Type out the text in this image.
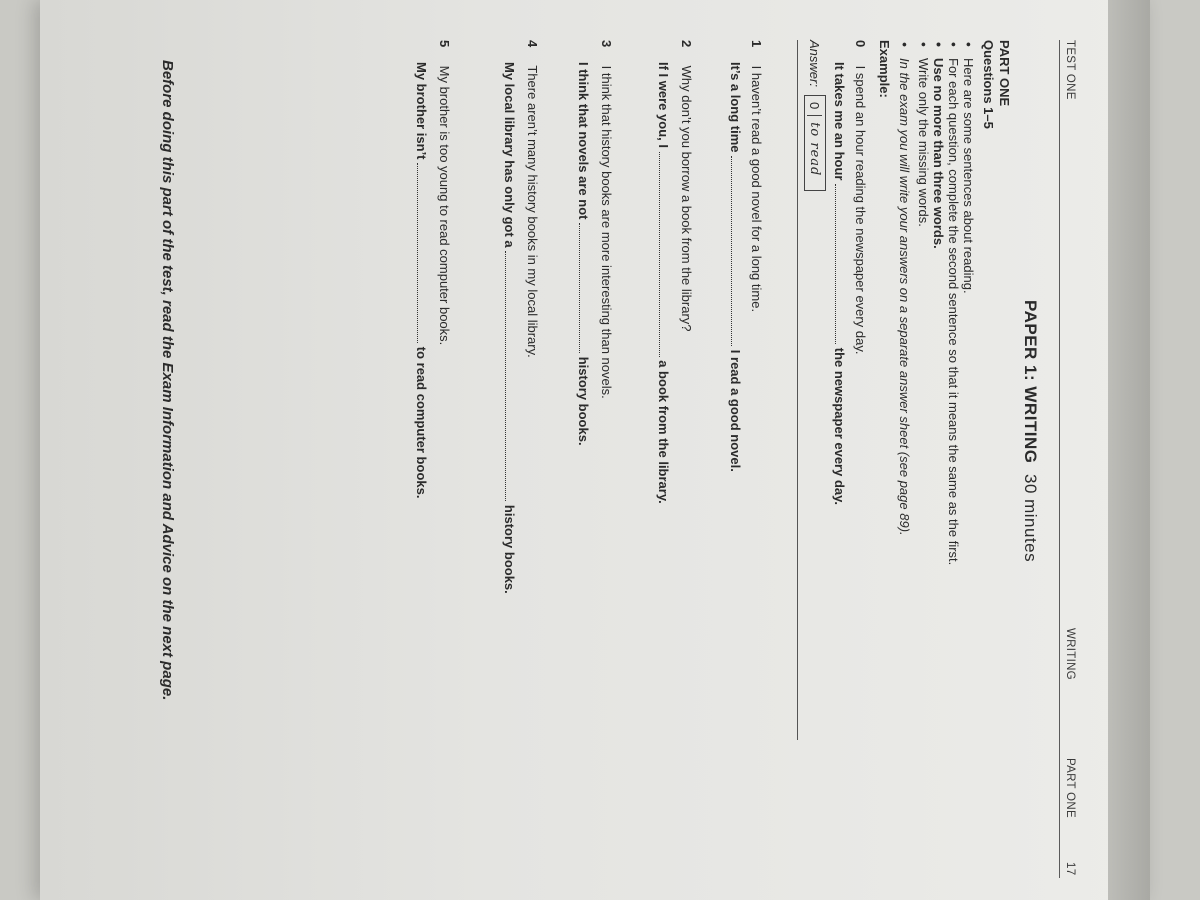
TEST ONE
WRITING
PART ONE
17
PAPER 1: WRITING  30 minutes
PART ONE
Questions 1–5
• Here are some sentences about reading.
• For each question, complete the second sentence so that it means the same as the first.
• Use no more than three words.
• Write only the missing words.
• In the exam you will write your answers on a separate answer sheet (see page 89).
Example:
0 I spend an hour reading the newspaper every day.
It takes me an hour  the newspaper every day.
Answer:
0
to read
1 I haven’t read a good novel for a long time.
It’s a long time  I read a good novel.
2 Why don’t you borrow a book from the library?
If I were you, I  a book from the library.
3 I think that history books are more interesting than novels.
I think that novels are not  history books.
4 There aren’t many history books in my local library.
My local library has only got a  history books.
5 My brother is too young to read computer books.
My brother isn’t  to read computer books.
Before doing this part of the test, read the Exam Information and Advice on the next page.
